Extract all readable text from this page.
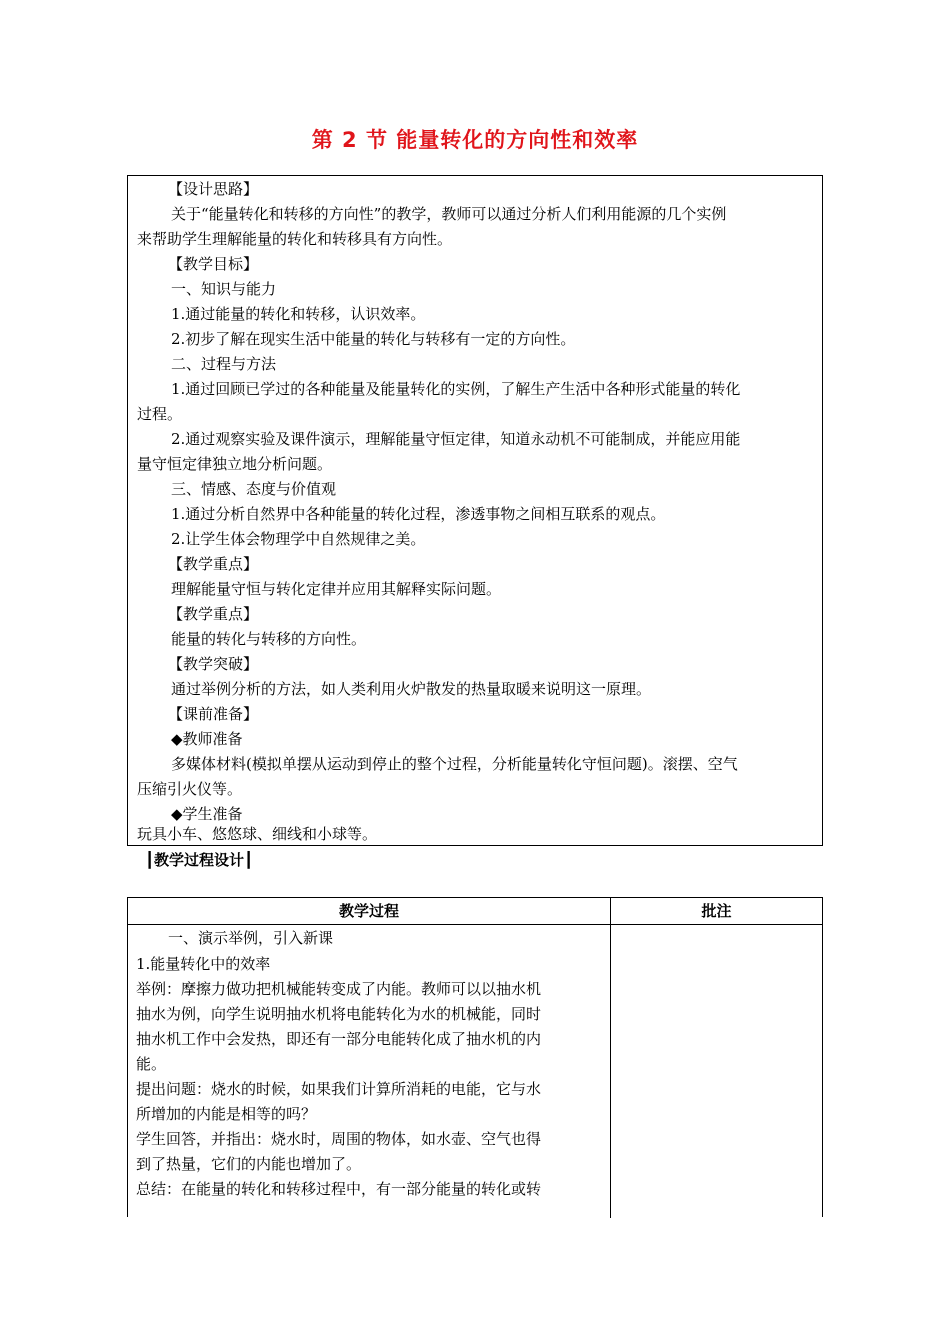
第 2 节 能量转化的方向性和效率
【设计思路】
关于“能量转化和转移的方向性”的教学，教师可以通过分析人们利用能源的几个实例
来帮助学生理解能量的转化和转移具有方向性。
【教学目标】
一、知识与能力
1.通过能量的转化和转移，认识效率。
2.初步了解在现实生活中能量的转化与转移有一定的方向性。
二、过程与方法
1.通过回顾已学过的各种能量及能量转化的实例，了解生产生活中各种形式能量的转化
过程。
2.通过观察实验及课件演示，理解能量守恒定律，知道永动机不可能制成，并能应用能
量守恒定律独立地分析问题。
三、情感、态度与价值观
1.通过分析自然界中各种能量的转化过程，渗透事物之间相互联系的观点。
2.让学生体会物理学中自然规律之美。
【教学重点】
理解能量守恒与转化定律并应用其解释实际问题。
【教学重点】
能量的转化与转移的方向性。
【教学突破】
通过举例分析的方法，如人类利用火炉散发的热量取暖来说明这一原理。
【课前准备】
◆教师准备
多媒体材料(模拟单摆从运动到停止的整个过程，分析能量转化守恒问题)。滚摆、空气
压缩引火仪等。
◆学生准备
玩具小车、悠悠球、细线和小球等。
┃教学过程设计┃
教学过程	批注
一、演示举例，引入新课
1.能量转化中的效率
举例：摩擦力做功把机械能转变成了内能。教师可以以抽水机
抽水为例，向学生说明抽水机将电能转化为水的机械能，同时
抽水机工作中会发热，即还有一部分电能转化成了抽水机的内
能。
提出问题：烧水的时候，如果我们计算所消耗的电能，它与水
所增加的内能是相等的吗？
学生回答，并指出：烧水时，周围的物体，如水壶、空气也得
到了热量，它们的内能也增加了。
总结：在能量的转化和转移过程中，有一部分能量的转化或转
